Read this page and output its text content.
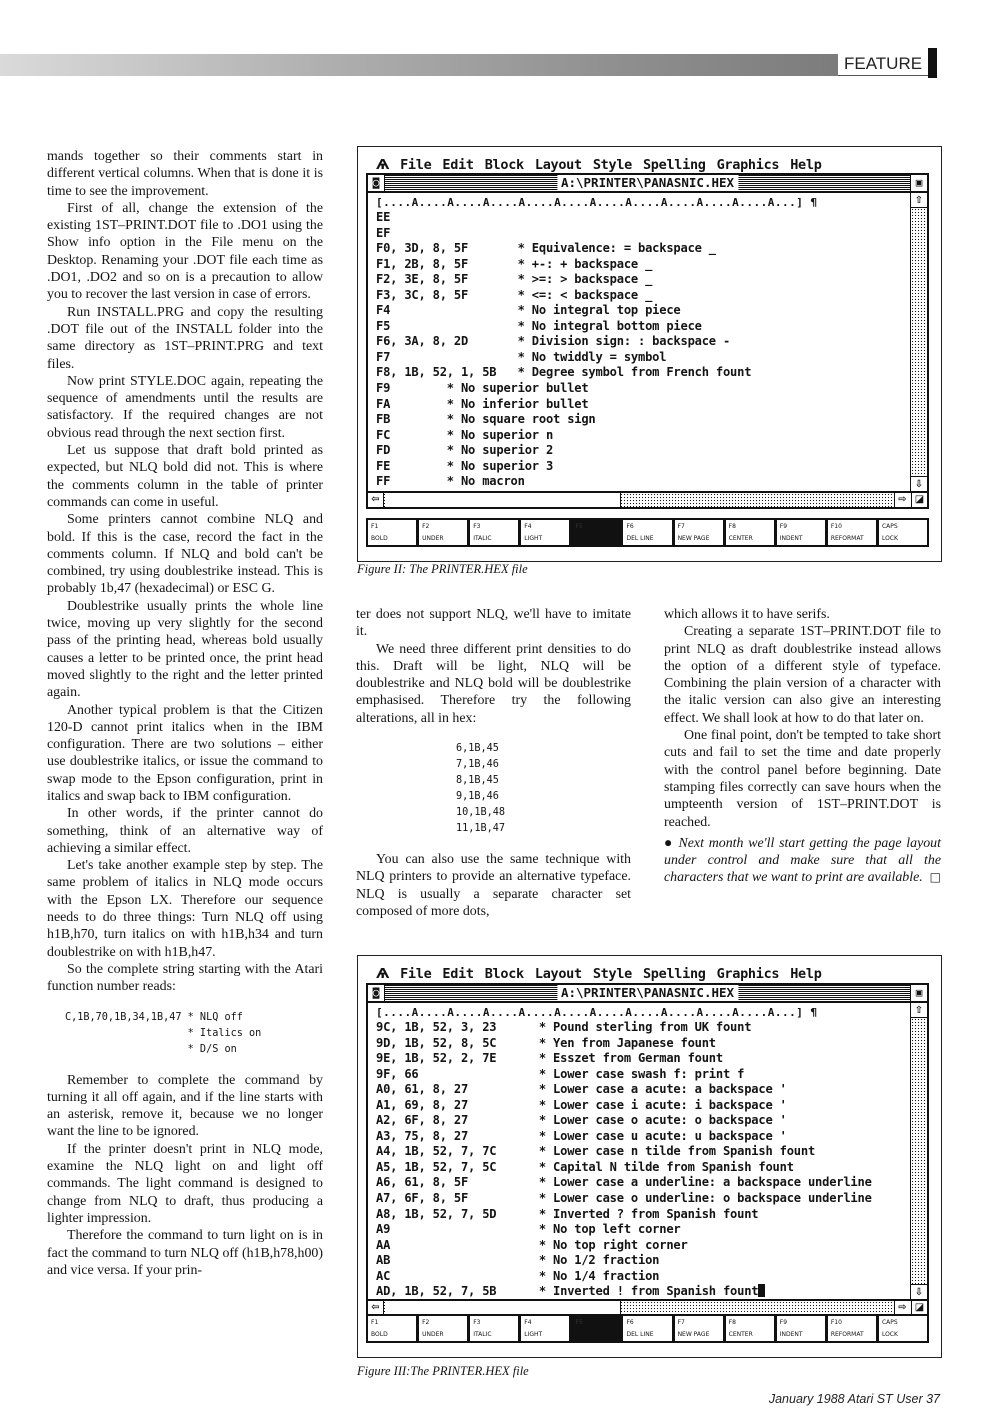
FEATURE

mands together so their comments start in different vertical columns. When that is done it is time to see the improvement.

First of all, change the extension of the existing 1ST–PRINT.DOT file to .DO1 using the Show info option in the File menu on the Desktop. Renaming your .DOT file each time as .DO1, .DO2 and so on is a precaution to allow you to recover the last version in case of errors.

Run INSTALL.PRG and copy the resulting .DOT file out of the INSTALL folder into the same directory as 1ST–PRINT.PRG and text files.

Now print STYLE.DOC again, repeating the sequence of amendments until the results are satisfactory. If the required changes are not obvious read through the next section first.

Let us suppose that draft bold printed as expected, but NLQ bold did not. This is where the comments column in the table of printer commands can come in useful.

Some printers cannot combine NLQ and bold. If this is the case, record the fact in the comments column. If NLQ and bold can't be combined, try using doublestrike instead. This is probably 1b,47 (hexadecimal) or ESC G.

Doublestrike usually prints the whole line twice, moving up very slightly for the second pass of the printing head, whereas bold usually causes a letter to be printed once, the print head moved slightly to the right and the letter printed again.

Another typical problem is that the Citizen 120-D cannot print italics when in the IBM configuration. There are two solutions – either use doublestrike italics, or issue the command to swap mode to the Epson configuration, print in italics and swap back to IBM configuration.

In other words, if the printer cannot do something, think of an alternative way of achieving a similar effect.

Let's take another example step by step. The same problem of italics in NLQ mode occurs with the Epson LX. Therefore our sequence needs to do three things: Turn NLQ off using h1B,h70, turn italics on with h1B,h34 and turn doublestrike on with h1B,h47.

So the complete string starting with the Atari function number reads:

C,1B,70,1B,34,1B,47 * NLQ off
* Italics on
* D/S on

Remember to complete the command by turning it all off again, and if the line starts with an asterisk, remove it, because we no longer want the line to be ignored.

If the printer doesn't print in NLQ mode, examine the NLQ light on and light off commands. The light command is designed to change from NLQ to draft, thus producing a lighter impression.

Therefore the command to turn light on is in fact the command to turn NLQ off (h1B,h78,h00) and vice versa. If your prin-

ter does not support NLQ, we'll have to imitate it.

We need three different print densities to do this. Draft will be light, NLQ will be doublestrike and NLQ bold will be doublestrike emphasised. Therefore try the following alterations, all in hex:

6,1B,45
7,1B,46
8,1B,45
9,1B,46
10,1B,48
11,1B,47

You can also use the same technique with NLQ printers to provide an alternative typeface. NLQ is usually a separate character set composed of more dots,

which allows it to have serifs.

Creating a separate 1ST–PRINT.DOT file to print NLQ as draft doublestrike instead allows the option of a different style of typeface. Combining the plain version of a character with the italic version can also give an interesting effect. We shall look at how to do that later on.

One final point, don't be tempted to take short cuts and fail to set the time and date properly with the control panel before beginning. Date stamping files correctly can save hours when the umpteenth version of 1ST–PRINT.DOT is reached.

● Next month we'll start getting the page layout under control and make sure that all the characters that we want to print are available. □

Ѧ File Edit Block Layout Style Spelling Graphics Help
◙	A:\PRINTER\PANASNIC.HEX	▣
[....A....A....A....A....A....A....A....A....A....A....A...] ¶
EE
EF
F0, 3D, 8, 5F       * Equivalence: = backspace _
F1, 2B, 8, 5F       * +-: + backspace _
F2, 3E, 8, 5F       * >=: > backspace _
F3, 3C, 8, 5F       * <=: < backspace _
F4                  * No integral top piece
F5                  * No integral bottom piece
F6, 3A, 8, 2D       * Division sign: : backspace -
F7                  * No twiddly = symbol
F8, 1B, 52, 1, 5B   * Degree symbol from French fount
F9        * No superior bullet
FA        * No inferior bullet
FB        * No square root sign
FC        * No superior n
FD        * No superior 2
FE        * No superior 3
FF        * No macron
⇧
⇩
⇦	⇨ ◪
F1
BOLD
F2
UNDER
F3
ITALIC
F4
LIGHT
F5	F6
DEL LINE
F7
NEW PAGE
F8
CENTER
F9
INDENT
F10
REFORMAT
CAPS
LOCK
Figure II: The PRINTER.HEX file
Ѧ File Edit Block Layout Style Spelling Graphics Help
◙	A:\PRINTER\PANASNIC.HEX	▣
[....A....A....A....A....A....A....A....A....A....A....A...] ¶
9C, 1B, 52, 3, 23      * Pound sterling from UK fount
9D, 1B, 52, 8, 5C      * Yen from Japanese fount
9E, 1B, 52, 2, 7E      * Esszet from German fount
9F, 66                 * Lower case swash f: print f
A0, 61, 8, 27          * Lower case a acute: a backspace '
A1, 69, 8, 27          * Lower case i acute: i backspace '
A2, 6F, 8, 27          * Lower case o acute: o backspace '
A3, 75, 8, 27          * Lower case u acute: u backspace '
A4, 1B, 52, 7, 7C      * Lower case n tilde from Spanish fount
A5, 1B, 52, 7, 5C      * Capital N tilde from Spanish fount
A6, 61, 8, 5F          * Lower case a underline: a backspace underline
A7, 6F, 8, 5F          * Lower case o underline: o backspace underline
A8, 1B, 52, 7, 5D      * Inverted ? from Spanish fount
A9                     * No top left corner
AA                     * No top right corner
AB                     * No 1/2 fraction
AC                     * No 1/4 fraction
AD, 1B, 52, 7, 5B      * Inverted ! from Spanish fount
⇧
⇩
⇦	⇨ ◪
F1
BOLD
F2
UNDER
F3
ITALIC
F4
LIGHT
F5	F6
DEL LINE
F7
NEW PAGE
F8
CENTER
F9
INDENT
F10
REFORMAT
CAPS
LOCK
Figure III:The PRINTER.HEX file
January 1988 Atari ST User 37
